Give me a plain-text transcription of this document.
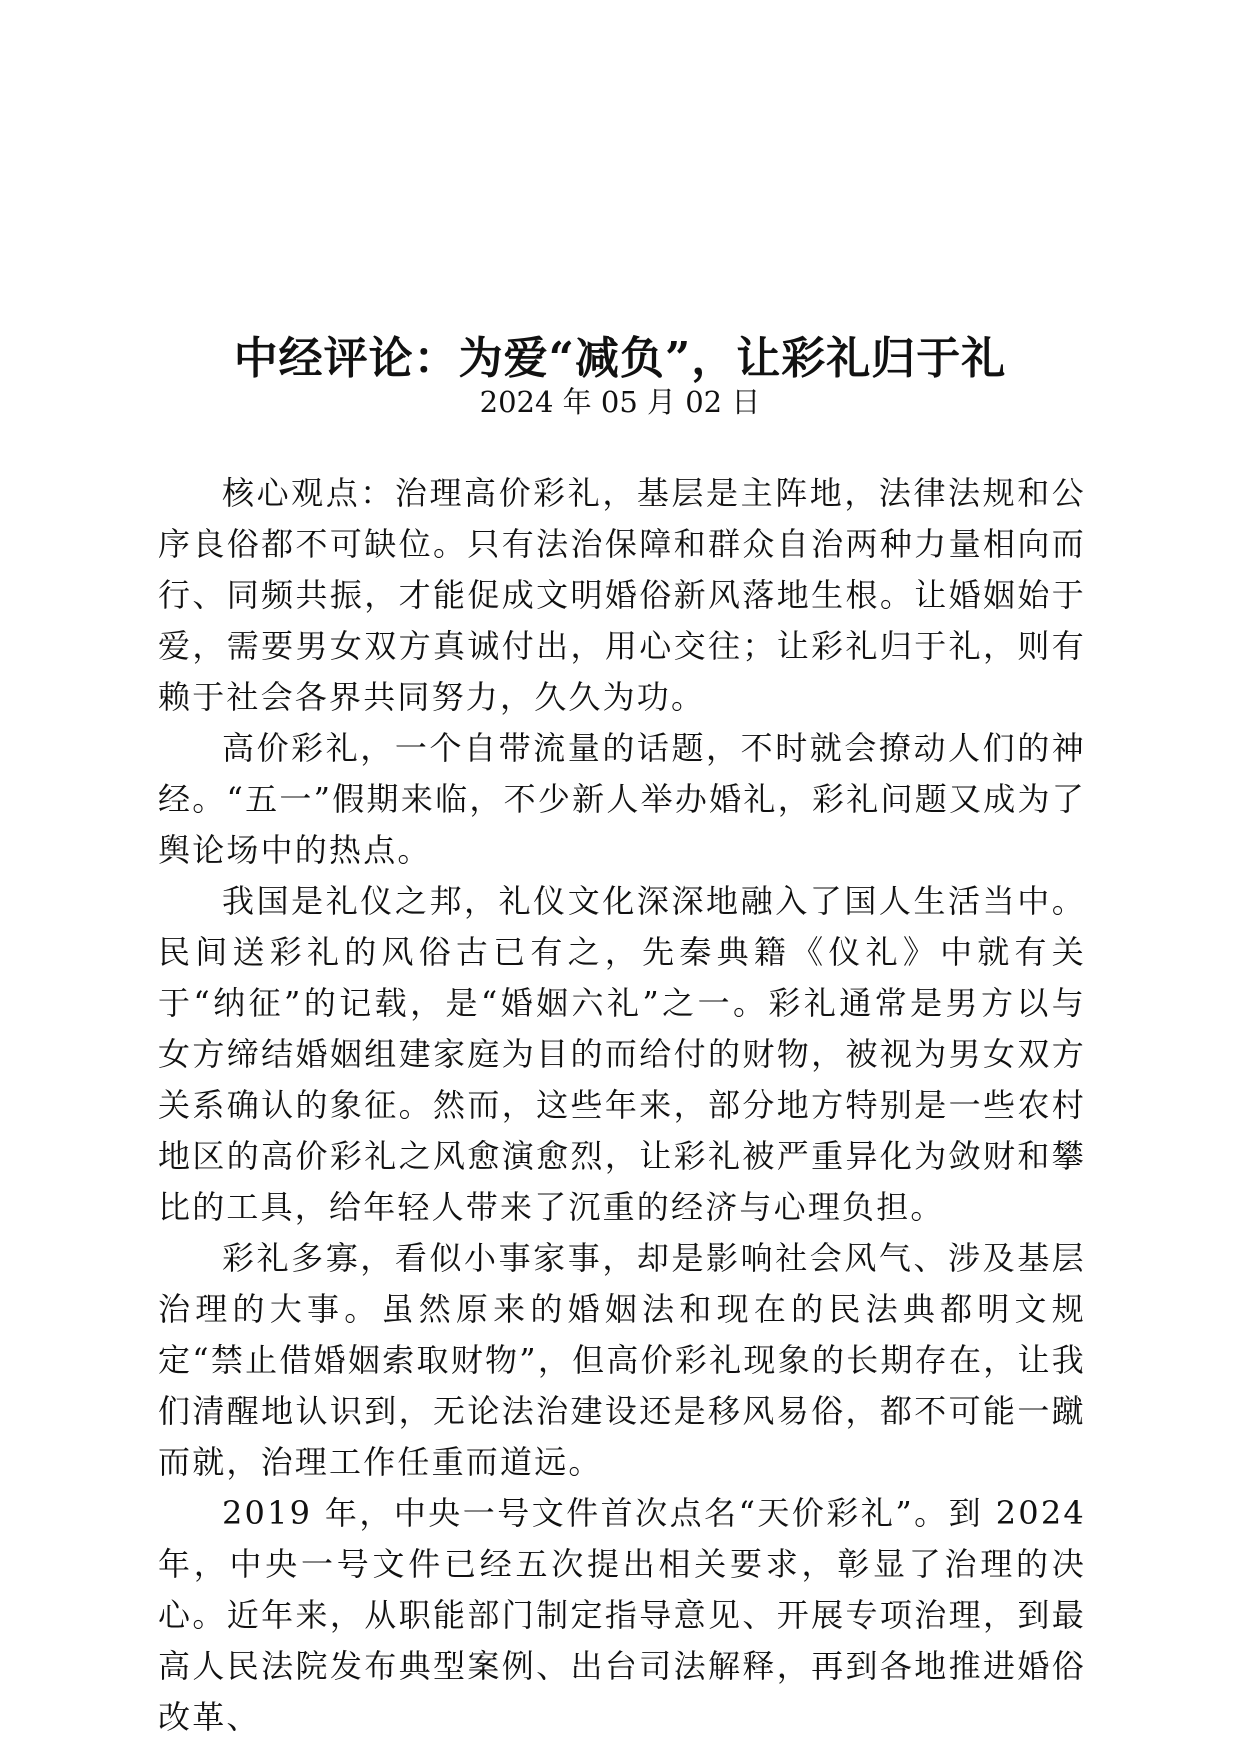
中经评论：为爱“减负”，让彩礼归于礼
2024 年 05 月 02 日

核心观点：治理高价彩礼，基层是主阵地，法律法规和公序良俗都不可缺位。只有法治保障和群众自治两种力量相向而行、同频共振，才能促成文明婚俗新风落地生根。让婚姻始于爱，需要男女双方真诚付出，用心交往；让彩礼归于礼，则有赖于社会各界共同努力，久久为功。

高价彩礼，一个自带流量的话题，不时就会撩动人们的神经。“五一”假期来临，不少新人举办婚礼，彩礼问题又成为了舆论场中的热点。

我国是礼仪之邦，礼仪文化深深地融入了国人生活当中。民间送彩礼的风俗古已有之，先秦典籍《仪礼》中就有关于“纳征”的记载，是“婚姻六礼”之一。彩礼通常是男方以与女方缔结婚姻组建家庭为目的而给付的财物，被视为男女双方关系确认的象征。然而，这些年来，部分地方特别是一些农村地区的高价彩礼之风愈演愈烈，让彩礼被严重异化为敛财和攀比的工具，给年轻人带来了沉重的经济与心理负担。

彩礼多寡，看似小事家事，却是影响社会风气、涉及基层治理的大事。虽然原来的婚姻法和现在的民法典都明文规定“禁止借婚姻索取财物”，但高价彩礼现象的长期存在，让我们清醒地认识到，无论法治建设还是移风易俗，都不可能一蹴而就，治理工作任重而道远。

2019 年，中央一号文件首次点名“天价彩礼”。到 2024 年，中央一号文件已经五次提出相关要求，彰显了治理的决心。近年来，从职能部门制定指导意见、开展专项治理，到最高人民法院发布典型案例、出台司法解释，再到各地推进婚俗改革、
